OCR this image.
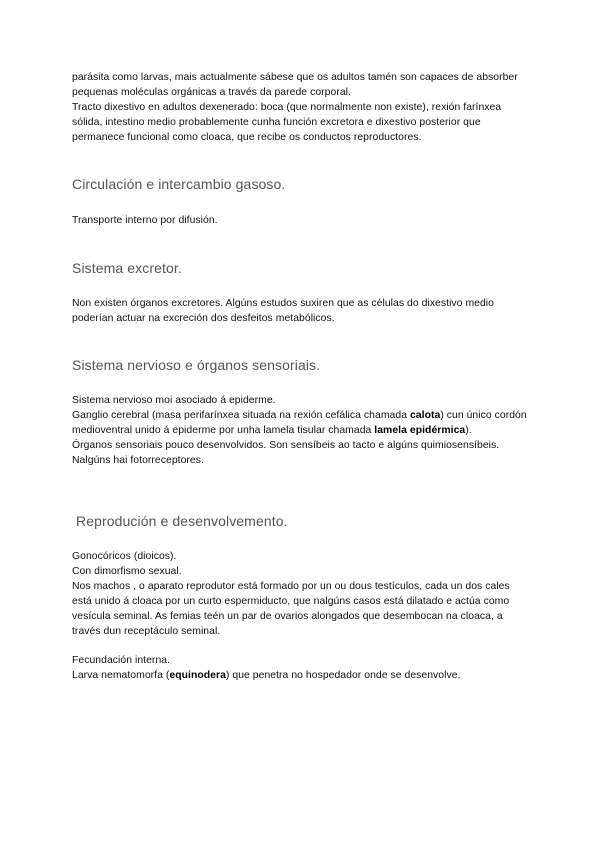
parásita como larvas, mais actualmente sábese que os adultos tamén son capaces de absorber pequenas moléculas orgánicas a través da parede corporal.

Tracto dixestivo en adultos dexenerado: boca (que normalmente non existe), rexión farínxea sólida, intestino medio probablemente cunha función excretora e dixestivo posterior que permanece funcional como cloaca, que recibe os conductos reproductores.

Circulación e intercambio gasoso.

Transporte interno por difusión.

Sistema excretor.

Non existen órganos excretores. Algúns estudos suxiren que as células do dixestivo medio poderían actuar na excreción dos desfeitos metabólicos.

Sistema nervioso e órganos sensoriais.

Sistema nervioso moi asociado á epiderme.

Ganglio cerebral (masa perifarínxea situada na rexión cefálica chamada calota) cun único cordón medioventral unido á epiderme por unha lamela tisular chamada lamela epidérmica).

Órganos sensoriais pouco desenvolvidos. Son sensíbeis ao tacto e algúns quimiosensíbeis.

Nalgúns hai fotorreceptores.

Reprodución e desenvolvemento.

Gonocóricos (dioicos).

Con dimorfismo sexual.

Nos machos , o aparato reprodutor está formado por un ou dous testículos, cada un dos cales está unido á cloaca por un curto espermiducto, que nalgúns casos está dilatado e actúa como vesícula seminal. As femias teén un par de ovarios alongados que desembocan na cloaca, a través dun receptáculo seminal.

Fecundación interna.

Larva nematomorfa (equinodera) que penetra no hospedador onde se desenvolve.
